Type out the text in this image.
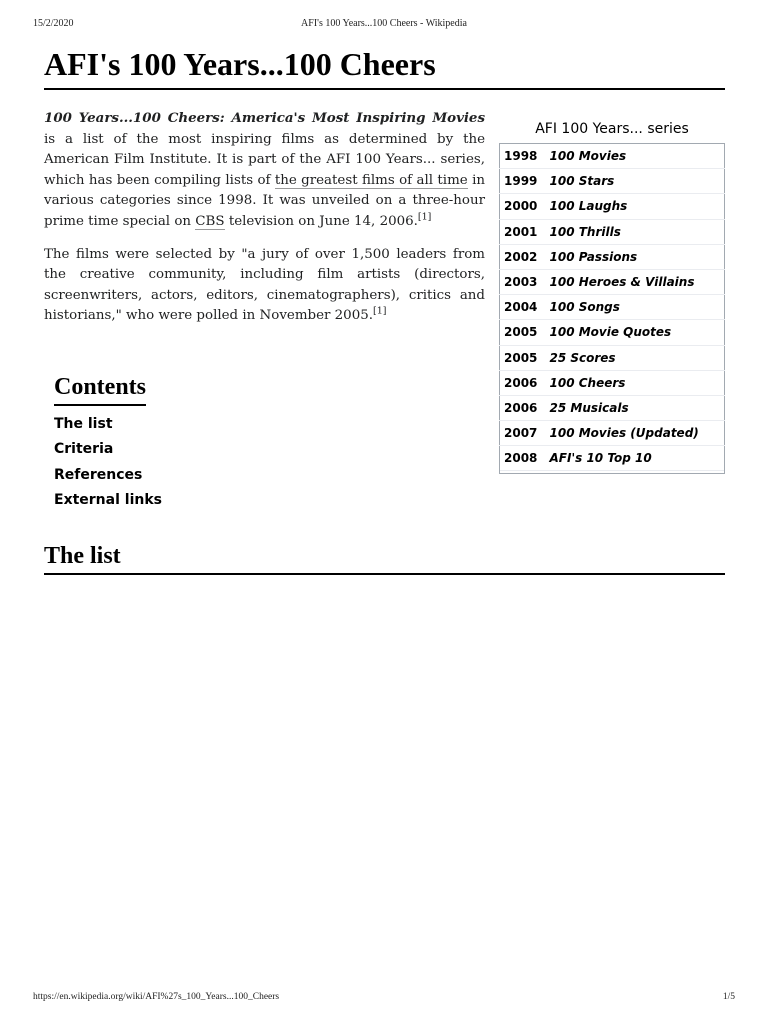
15/2/2020	AFI's 100 Years...100 Cheers - Wikipedia
AFI's 100 Years...100 Cheers

100 Years...100 Cheers: America's Most Inspiring Movies is a list of the most inspiring films as determined by the American Film Institute. It is part of the AFI 100 Years... series, which has been compiling lists of the greatest films of all time in various categories since 1998. It was unveiled on a three-hour prime time special on CBS television on June 14, 2006.[1]

The films were selected by "a jury of over 1,500 leaders from the creative community, including film artists (directors, screenwriters, actors, editors, cinematographers), critics and historians," who were polled in November 2005.[1]

AFI 100 Years... series
1998	100 Movies
1999	100 Stars
2000	100 Laughs
2001	100 Thrills
2002	100 Passions
2003	100 Heroes & Villains
2004	100 Songs
2005	100 Movie Quotes
2005	25 Scores
2006	100 Cheers
2006	25 Musicals
2007	100 Movies (Updated)
2008	AFI's 10 Top 10
Contents
The list
Criteria
References
External links
The list
https://en.wikipedia.org/wiki/AFI%27s_100_Years...100_Cheers	1/5
